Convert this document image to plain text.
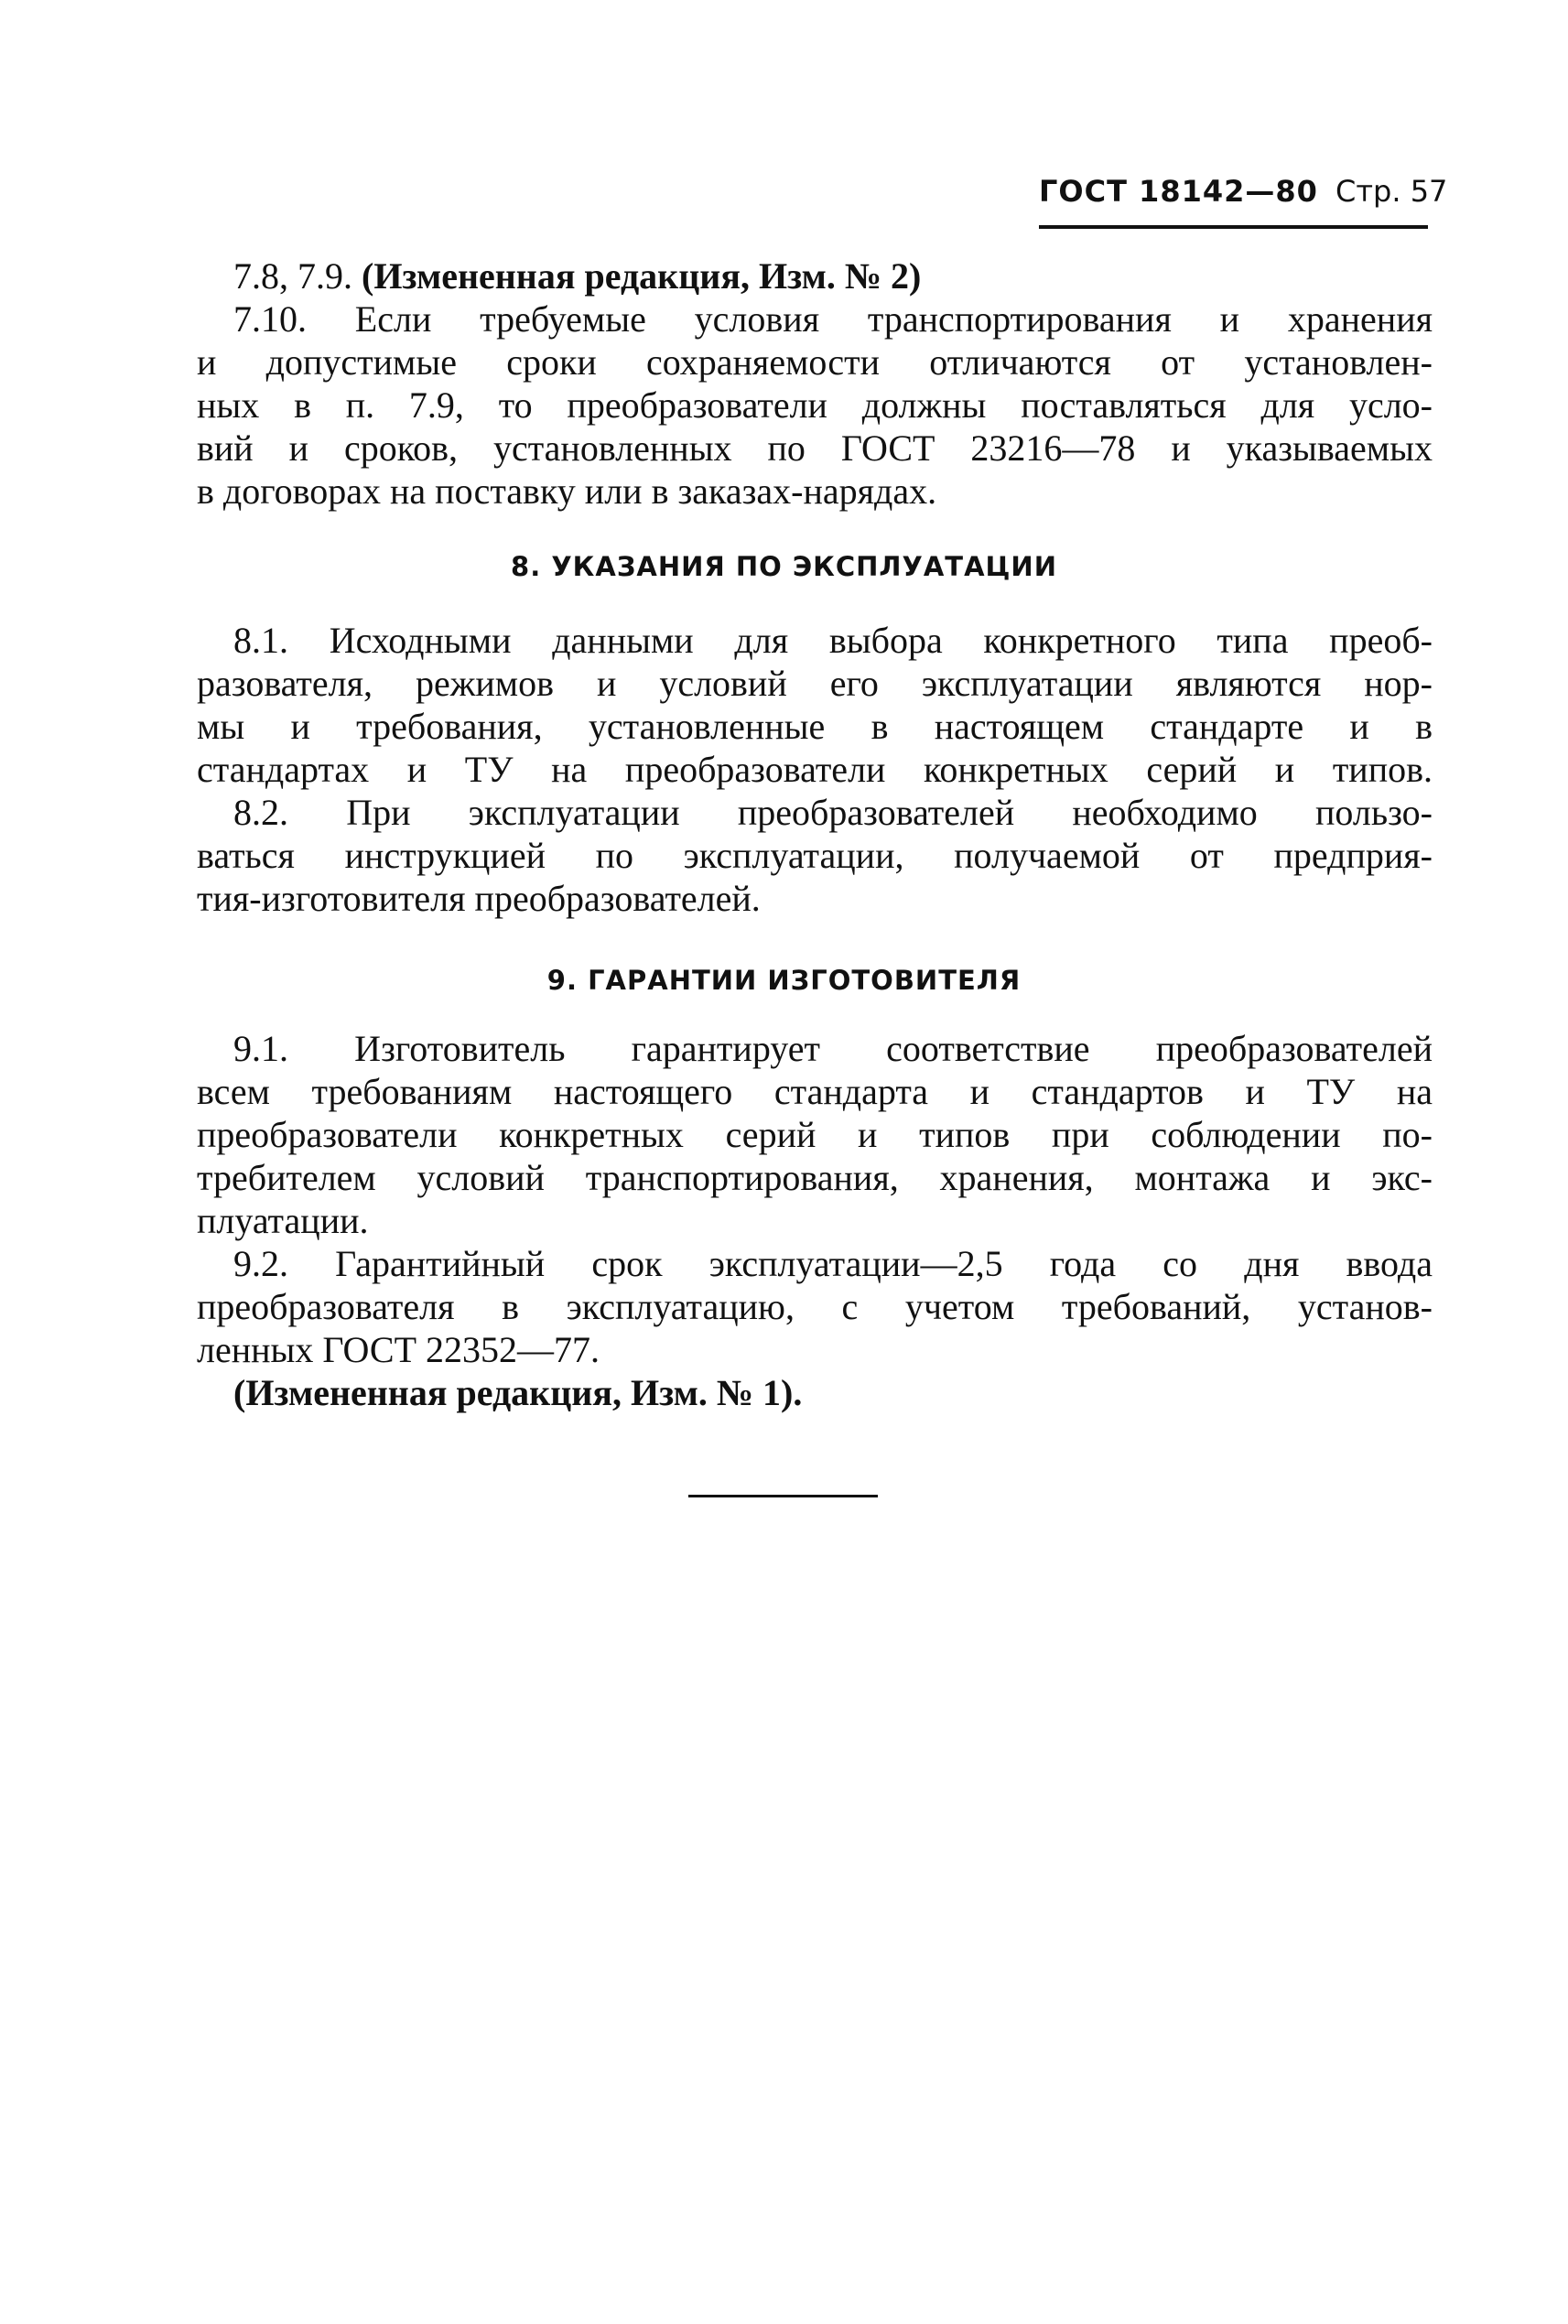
ГОСТ 18142—80 Стр. 57
7.8, 7.9. (Измененная редакция, Изм. № 2)
7.10. Если требуемые условия транспортирования и хранения
и допустимые сроки сохраняемости отличаются от установлен-
ных в п. 7.9, то преобразователи должны поставляться для усло-
вий и сроков, установленных по ГОСТ 23216—78 и указываемых
в договорах на поставку или в заказах-нарядах.
8. УКАЗАНИЯ ПО ЭКСПЛУАТАЦИИ
8.1. Исходными данными для выбора конкретного типа преоб-
разователя, режимов и условий его эксплуатации являются нор-
мы и требования, установленные в настоящем стандарте и в
стандартах и ТУ на преобразователи конкретных серий и типов.
8.2. При эксплуатации преобразователей необходимо пользо-
ваться инструкцией по эксплуатации, получаемой от предприя-
тия-изготовителя преобразователей.
9. ГАРАНТИИ ИЗГОТОВИТЕЛЯ
9.1. Изготовитель гарантирует соответствие преобразователей
всем требованиям настоящего стандарта и стандартов и ТУ на
преобразователи конкретных серий и типов при соблюдении по-
требителем условий транспортирования, хранения, монтажа и экс-
плуатации.
9.2. Гарантийный срок эксплуатации—2,5 года со дня ввода
преобразователя в эксплуатацию, с учетом требований, установ-
ленных ГОСТ 22352—77.
(Измененная редакция, Изм. № 1).
